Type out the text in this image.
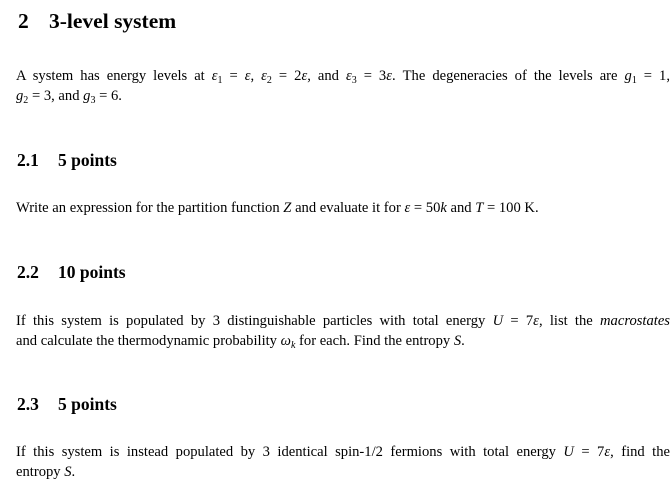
2 3-level system
A system has energy levels at $\varepsilon_1 = \varepsilon$, $\varepsilon_2 = 2\varepsilon$, and $\varepsilon_3 = 3\varepsilon$. The degeneracies of the levels are $g_1 = 1$,
$g_2 = 3$, and $g_3 = 6$.
2.1 5 points
Write an expression for the partition function Z and evaluate it for ε = 50k and T = 100 K.
2.2 10 points
If this system is populated by 3 distinguishable particles with total energy U = 7ε, list the macrostates
and calculate the thermodynamic probability $\omega_k$ for each. Find the entropy S.
2.3 5 points
If this system is instead populated by 3 identical spin-1/2 fermions with total energy U = 7ε, find the
entropy S.
